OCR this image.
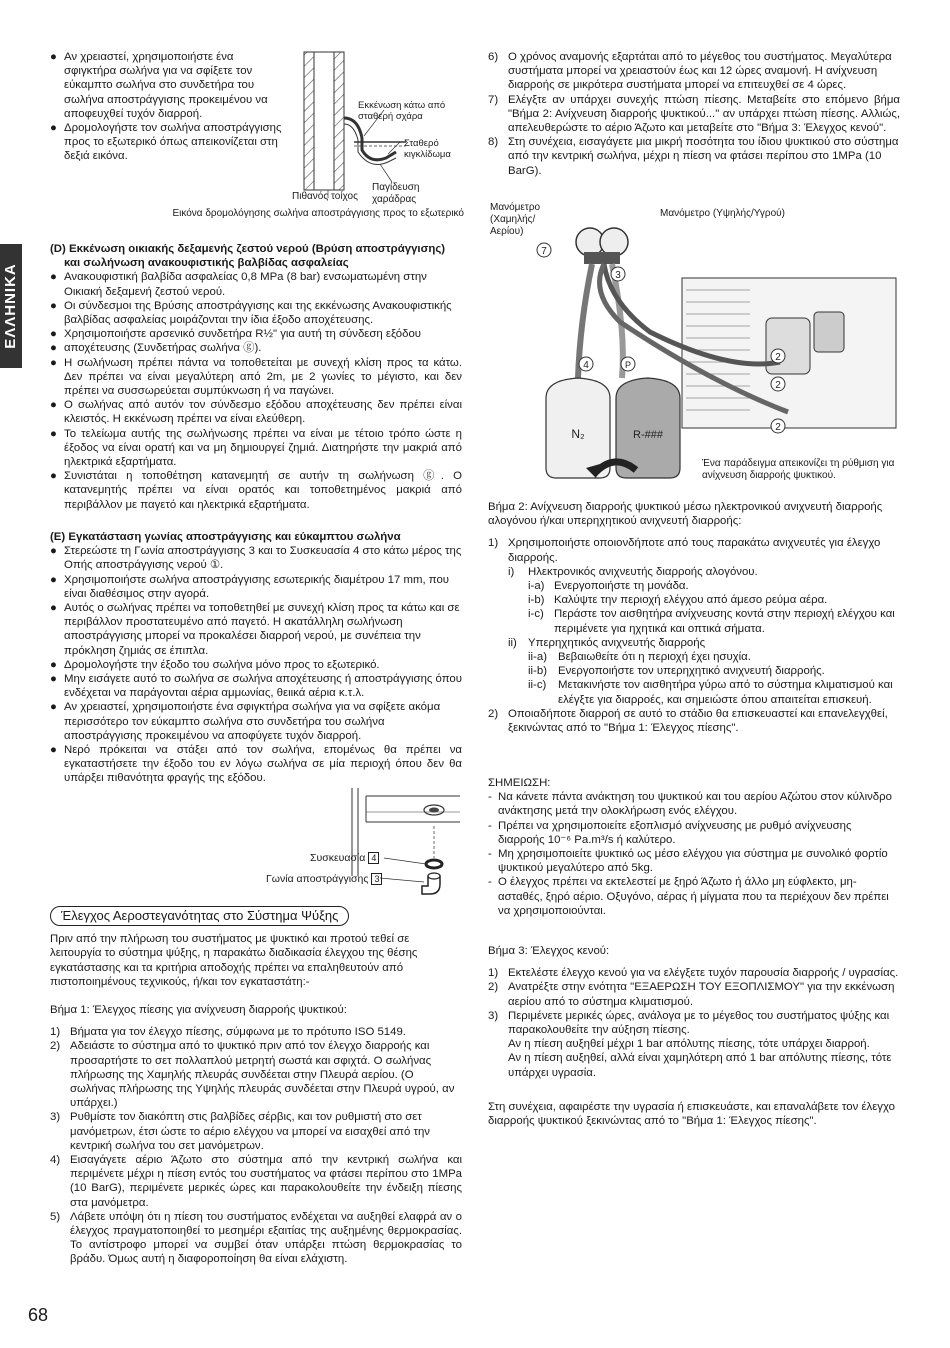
ΕΛΛΗΝΙΚΑ
● Αν χρειαστεί, χρησιμοποιήστε ένα σφιγκτήρα σωλήνα για να σφίξετε τον εύκαμπτο σωλήνα στο συνδετήρα του σωλήνα αποστράγγισης προκειμένου να αποφευχθεί τυχόν διαρροή.
● Δρομολογήστε τον σωλήνα αποστράγγισης προς το εξωτερικό όπως απεικονίζεται στη δεξιά εικόνα.
Εκκένωση κάτω από
σταθερή σχάρα
Σταθερό
κιγκλίδωμα
Πιθανός τοίχος
Παγίδευση χαράδρας
Εικόνα δρομολόγησης σωλήνα αποστράγγισης προς το εξωτερικό

(D) Εκκένωση οικιακής δεξαμενής ζεστού νερού (Βρύση αποστράγγισης)

και σωλήνωση ανακουφιστικής βαλβίδας ασφαλείας

● Ανακουφιστική βαλβίδα ασφαλείας 0,8 MPa (8 bar) ενσωματωμένη στην Οικιακή δεξαμενή ζεστού νερού.
● Οι σύνδεσμοι της Βρύσης αποστράγγισης και της εκκένωσης Ανακουφιστικής βαλβίδας ασφαλείας μοιράζονται την ίδια έξοδο αποχέτευσης.
● Χρησιμοποιήστε αρσενικό συνδετήρα R½" για αυτή τη σύνδεση εξόδου
● αποχέτευσης (Συνδετήρας σωλήνα ⓖ).
● Η σωλήνωση πρέπει πάντα να τοποθετείται με συνεχή κλίση προς τα κάτω. Δεν πρέπει να είναι μεγαλύτερη από 2m, με 2 γωνίες το μέγιστο, και δεν πρέπει να συσσωρεύεται συμπύκνωση ή να παγώνει.
● Ο σωλήνας από αυτόν τον σύνδεσμο εξόδου αποχέτευσης δεν πρέπει είναι κλειστός. Η εκκένωση πρέπει να είναι ελεύθερη.
● Το τελείωμα αυτής της σωλήνωσης πρέπει να είναι με τέτοιο τρόπο ώστε η έξοδος να είναι ορατή και να μη δημιουργεί ζημιά. Διατηρήστε την μακριά από ηλεκτρικά εξαρτήματα.
● Συνιστάται η τοποθέτηση κατανεμητή σε αυτήν τη σωλήνωση ⓖ. Ο κατανεμητής πρέπει να είναι ορατός και τοποθετημένος μακριά από περιβάλλον με παγετό και ηλεκτρικά εξαρτήματα.

(E) Εγκατάσταση γωνίας αποστράγγισης και εύκαμπτου σωλήνα

● Στερεώστε τη Γωνία αποστράγγισης 3 και το Συσκευασία 4 στο κάτω μέρος της Οπής αποστράγγισης νερού ①.
● Χρησιμοποιήστε σωλήνα αποστράγγισης εσωτερικής διαμέτρου 17 mm, που είναι διαθέσιμος στην αγορά.
● Αυτός ο σωλήνας πρέπει να τοποθετηθεί με συνεχή κλίση προς τα κάτω και σε περιβάλλον προστατευμένο από παγετό. Η ακατάλληλη σωλήνωση αποστράγγισης μπορεί να προκαλέσει διαρροή νερού, με συνέπεια την πρόκληση ζημιάς σε έπιπλα.
● Δρομολογήστε την έξοδο του σωλήνα μόνο προς το εξωτερικό.
● Μην εισάγετε αυτό το σωλήνα σε σωλήνα αποχέτευσης ή αποστράγγισης όπου ενδέχεται να παράγονται αέρια αμμωνίας, θειικά αέρια κ.τ.λ.
● Αν χρειαστεί, χρησιμοποιήστε ένα σφιγκτήρα σωλήνα για να σφίξετε ακόμα περισσότερο τον εύκαμπτο σωλήνα στο συνδετήρα του σωλήνα αποστράγγισης προκειμένου να αποφύγετε τυχόν διαρροή.
● Νερό πρόκειται να στάξει από τον σωλήνα, επομένως θα πρέπει να εγκαταστήσετε την έξοδο του εν λόγω σωλήνα σε μία περιοχή όπου δεν θα υπάρξει πιθανότητα φραγής της εξόδου.
Συσκευασία 4
Γωνία αποστράγγισης 3
Έλεγχος Αεροστεγανότητας στο Σύστημα Ψύξης

Πριν από την πλήρωση του συστήματος με ψυκτικό και προτού τεθεί σε λειτουργία το σύστημα ψύξης, η παρακάτω διαδικασία έλεγχου της θέσης εγκατάστασης και τα κριτήρια αποδοχής πρέπει να επαληθευτούν από πιστοποιημένους τεχνικούς, ή/και τον εγκαταστάτη:-

Βήμα 1: Έλεγχος πίεσης για ανίχνευση διαρροής ψυκτικού:

1) Βήματα για τον έλεγχο πίεσης, σύμφωνα με το πρότυπο ISO 5149.
2) Αδειάστε το σύστημα από το ψυκτικό πριν από τον έλεγχο διαρροής και προσαρτήστε το σετ πολλαπλού μετρητή σωστά και σφιχτά. Ο σωλήνας πλήρωσης της Χαμηλής πλευράς συνδέεται στην Πλευρά αερίου. (Ο σωλήνας πλήρωσης της Υψηλής πλευράς συνδέεται στην Πλευρά υγρού, αν υπάρχει.)
3) Ρυθμίστε τον διακόπτη στις βαλβίδες σέρβις, και τον ρυθμιστή στο σετ μανόμετρων, έτσι ώστε το αέριο ελέγχου να μπορεί να εισαχθεί από την κεντρική σωλήνα του σετ μανόμετρων.
4) Εισαγάγετε αέριο Άζωτο στο σύστημα από την κεντρική σωλήνα και περιμένετε μέχρι η πίεση εντός του συστήματος να φτάσει περίπου στο 1MPa (10 BarG), περιμένετε μερικές ώρες και παρακολουθείτε την ένδειξη πίεσης στα μανόμετρα.
5) Λάβετε υπόψη ότι η πίεση του συστήματος ενδέχεται να αυξηθεί ελαφρά αν ο έλεγχος πραγματοποιηθεί το μεσημέρι εξαιτίας της αυξημένης θερμοκρασίας. Το αντίστροφο μπορεί να συμβεί όταν υπάρξει πτώση θερμοκρασίας το βράδυ. Όμως αυτή η διαφοροποίηση θα είναι ελάχιστη.
6) Ο χρόνος αναμονής εξαρτάται από το μέγεθος του συστήματος. Μεγαλύτερα συστήματα μπορεί να χρειαστούν έως και 12 ώρες αναμονή. Η ανίχνευση διαρροής σε μικρότερα συστήματα μπορεί να επιτευχθεί σε 4 ώρες.
7) Ελέγξτε αν υπάρχει συνεχής πτώση πίεσης. Μεταβείτε στο επόμενο βήμα "Βήμα 2: Ανίχνευση διαρροής ψυκτικού..." αν υπάρχει πτώση πίεσης. Αλλιώς, απελευθερώστε το αέριο Άζωτο και μεταβείτε στο "Βήμα 3: Έλεγχος κενού".
8) Στη συνέχεια, εισαγάγετε μια μικρή ποσότητα του ίδιου ψυκτικού στο σύστημα από την κεντρική σωλήνα, μέχρι η πίεση να φτάσει περίπου στο 1MPa (10 BarG).
Μανόμετρο (Χαμηλής/ Αερίου)
Μανόμετρο (Υψηλής/Υγρού)
7
3
4	P
2
2
2
N₂	R-###
Ένα παράδειγμα απεικονίζει τη ρύθμιση για ανίχνευση διαρροής ψυκτικού.

Βήμα 2: Ανίχνευση διαρροής ψυκτικού μέσω ηλεκτρονικού ανιχνευτή διαρροής αλογόνου ή/και υπερηχητικού ανιχνευτή διαρροής:

1) Χρησιμοποιήστε οποιονδήποτε από τους παρακάτω ανιχνευτές για έλεγχο διαρροής.
i)	Ηλεκτρονικός ανιχνευτής διαρροής αλογόνου.
i-a) Ενεργοποιήστε τη μονάδα.
i-b) Καλύψτε την περιοχή ελέγχου από άμεσο ρεύμα αέρα.
i-c) Περάστε τον αισθητήρα ανίχνευσης κοντά στην περιοχή ελέγχου και περιμένετε για ηχητικά και οπτικά σήματα.
ii) Υπερηχητικός ανιχνευτής διαρροής
ii-a) Βεβαιωθείτε ότι η περιοχή έχει ησυχία.
ii-b) Ενεργοποιήστε τον υπερηχητικό ανιχνευτή διαρροής.
ii-c)	Μετακινήστε τον αισθητήρα γύρω από το σύστημα κλιματισμού και ελέγξτε για διαρροές, και σημειώστε όπου απαιτείται επισκευή.
2) Οποιαδήποτε διαρροή σε αυτό το στάδιο θα επισκευαστεί και επανελεγχθεί, ξεκινώντας από το "Βήμα 1: Έλεγχος πίεσης".

ΣΗΜΕΙΩΣΗ:

- Να κάνετε πάντα ανάκτηση του ψυκτικού και του αερίου Αζώτου στον κύλινδρο ανάκτησης μετά την ολοκλήρωση ενός ελέγχου.
- Πρέπει να χρησιμοποιείτε εξοπλισμό ανίχνευσης με ρυθμό ανίχνευσης διαρροής 10⁻⁶ Pa.m³/s ή καλύτερο.
- Μη χρησιμοποιείτε ψυκτικό ως μέσο ελέγχου για σύστημα με συνολικό φορτίο ψυκτικού μεγαλύτερο από 5kg.
- Ο έλεγχος πρέπει να εκτελεστεί με ξηρό Άζωτο ή άλλο μη εύφλεκτο, μη-ασταθές, ξηρό αέριο. Οξυγόνο, αέρας ή μίγματα που τα περιέχουν δεν πρέπει να χρησιμοποιούνται.

Βήμα 3: Έλεγχος κενού:

1) Εκτελέστε έλεγχο κενού για να ελέγξετε τυχόν παρουσία διαρροής / υγρασίας.
2) Ανατρέξτε στην ενότητα "ΕΞΑΕΡΩΣΗ ΤΟΥ ΕΞΟΠΛΙΣΜΟΥ" για την εκκένωση αερίου από το σύστημα κλιματισμού.
3) Περιμένετε μερικές ώρες, ανάλογα με το μέγεθος του συστήματος ψύξης και παρακολουθείτε την αύξηση πίεσης.

Αν η πίεση αυξηθεί μέχρι 1 bar απόλυτης πίεσης, τότε υπάρχει διαρροή.

Αν η πίεση αυξηθεί, αλλά είναι χαμηλότερη από 1 bar απόλυτης πίεσης, τότε υπάρχει υγρασία.

Στη συνέχεια, αφαιρέστε την υγρασία ή επισκευάστε, και επαναλάβετε τον έλεγχο διαρροής ψυκτικού ξεκινώντας από το "Βήμα 1: Έλεγχος πίεσης".

68
